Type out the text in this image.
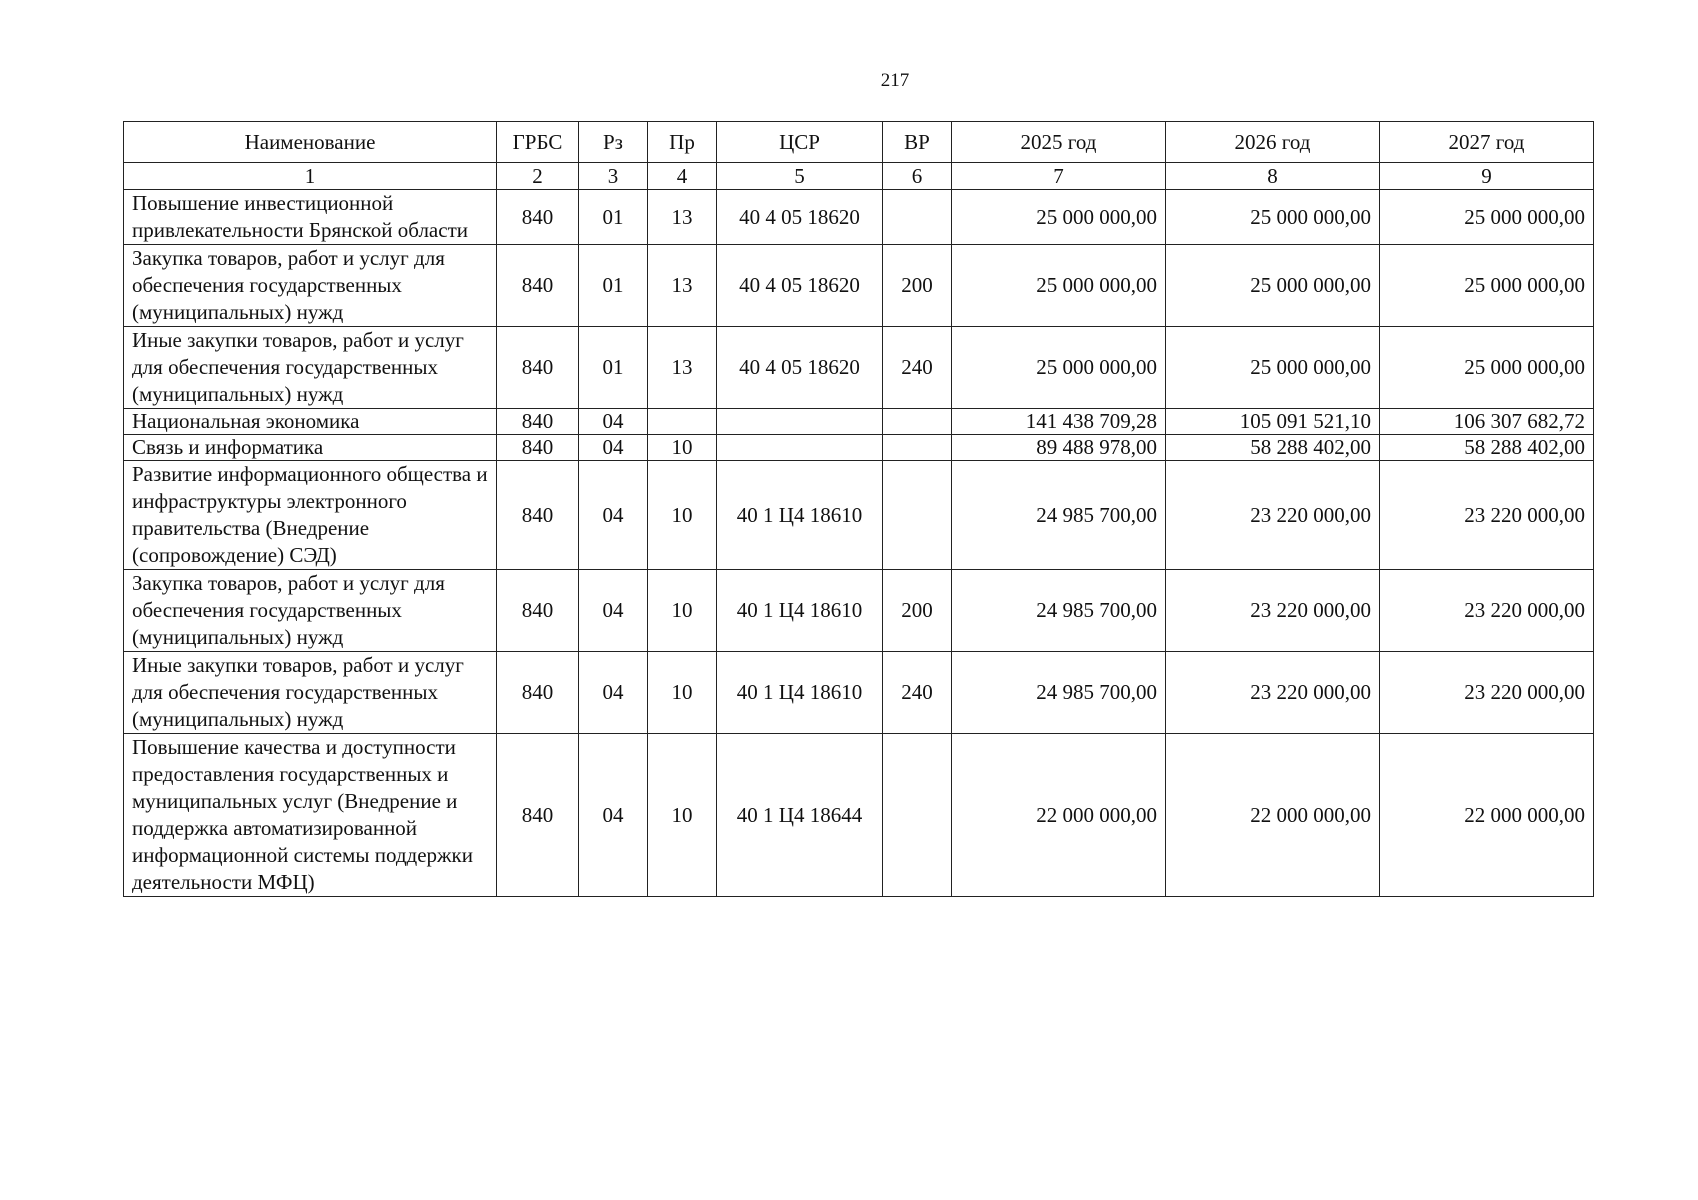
217
Наименование	ГРБС	Рз	Пр	ЦСР	ВР	2025 год	2026 год	2027 год
1	2	3	4	5	6	7	8	9
Повышение инвестиционной привлекательности Брянской области	840	01	13	40 4 05 18620		25 000 000,00	25 000 000,00	25 000 000,00
Закупка товаров, работ и услуг для обеспечения государственных (муниципальных) нужд	840	01	13	40 4 05 18620	200	25 000 000,00	25 000 000,00	25 000 000,00
Иные закупки товаров, работ и услуг для обеспечения государственных (муниципальных) нужд	840	01	13	40 4 05 18620	240	25 000 000,00	25 000 000,00	25 000 000,00
Национальная экономика	840	04				141 438 709,28	105 091 521,10	106 307 682,72
Связь и информатика	840	04	10			89 488 978,00	58 288 402,00	58 288 402,00
Развитие информационного общества и инфраструктуры электронного правительства (Внедрение (сопровождение) СЭД)	840	04	10	40 1 Ц4 18610		24 985 700,00	23 220 000,00	23 220 000,00
Закупка товаров, работ и услуг для обеспечения государственных (муниципальных) нужд	840	04	10	40 1 Ц4 18610	200	24 985 700,00	23 220 000,00	23 220 000,00
Иные закупки товаров, работ и услуг для обеспечения государственных (муниципальных) нужд	840	04	10	40 1 Ц4 18610	240	24 985 700,00	23 220 000,00	23 220 000,00
Повышение качества и доступности предоставления государственных и муниципальных услуг (Внедрение и поддержка автоматизированной информационной системы поддержки деятельности МФЦ)	840	04	10	40 1 Ц4 18644		22 000 000,00	22 000 000,00	22 000 000,00
